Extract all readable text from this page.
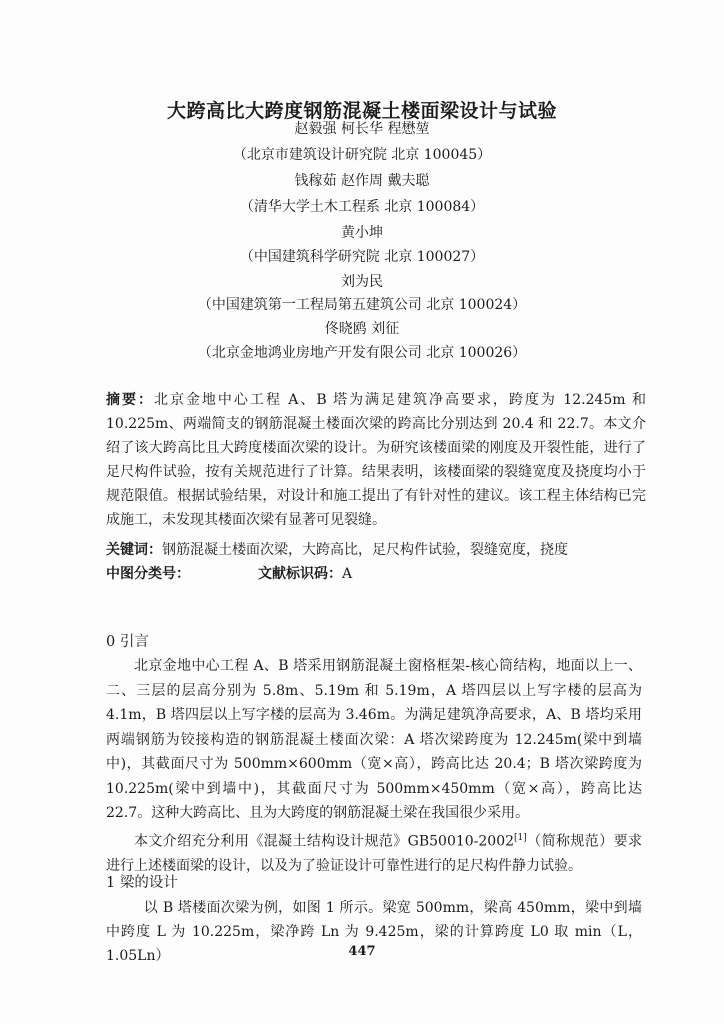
大跨高比大跨度钢筋混凝土楼面梁设计与试验
赵毅强 柯长华 程懋堃
（北京市建筑设计研究院 北京 100045）
钱稼茹 赵作周 戴夫聪
（清华大学土木工程系 北京 100084）
黄小坤
（中国建筑科学研究院 北京 100027）
刘为民
（中国建筑第一工程局第五建筑公司 北京 100024）
佟晓鸥 刘征
（北京金地鸿业房地产开发有限公司 北京 100026）

摘要：北京金地中心工程 A、B 塔为满足建筑净高要求，跨度为 12.245m 和 10.225m、两端简支的钢筋混凝土楼面次梁的跨高比分别达到 20.4 和 22.7。本文介绍了该大跨高比且大跨度楼面次梁的设计。为研究该楼面梁的刚度及开裂性能，进行了足尺构件试验，按有关规范进行了计算。结果表明，该楼面梁的裂缝宽度及挠度均小于规范限值。根据试验结果，对设计和施工提出了有针对性的建议。该工程主体结构已完成施工，未发现其楼面次梁有显著可见裂缝。

关键词：钢筋混凝土楼面次梁，大跨高比，足尺构件试验，裂缝宽度，挠度
中图分类号：	文献标识码：A
0 引言

北京金地中心工程 A、B 塔采用钢筋混凝土窗格框架-核心筒结构，地面以上一、二、三层的层高分别为 5.8m、5.19m 和 5.19m，A 塔四层以上写字楼的层高为 4.1m，B 塔四层以上写字楼的层高为 3.46m。为满足建筑净高要求，A、B 塔均采用两端钢筋为铰接构造的钢筋混凝土楼面次梁：A 塔次梁跨度为 12.245m(梁中到墙中)，其截面尺寸为 500mm×600mm（宽×高），跨高比达 20.4；B 塔次梁跨度为 10.225m(梁中到墙中)，其截面尺寸为 500mm×450mm（宽×高），跨高比达 22.7。这种大跨高比、且为大跨度的钢筋混凝土梁在我国很少采用。

本文介绍充分利用《混凝土结构设计规范》GB50010-2002[1]（简称规范）要求进行上述楼面梁的设计，以及为了验证设计可靠性进行的足尺构件静力试验。

1 梁的设计

以 B 塔楼面次梁为例，如图 1 所示。梁宽 500mm，梁高 450mm，梁中到墙中跨度 L 为 10.225m，梁净跨 Ln 为 9.425m，梁的计算跨度 L0 取 min（L，1.05Ln）	447
